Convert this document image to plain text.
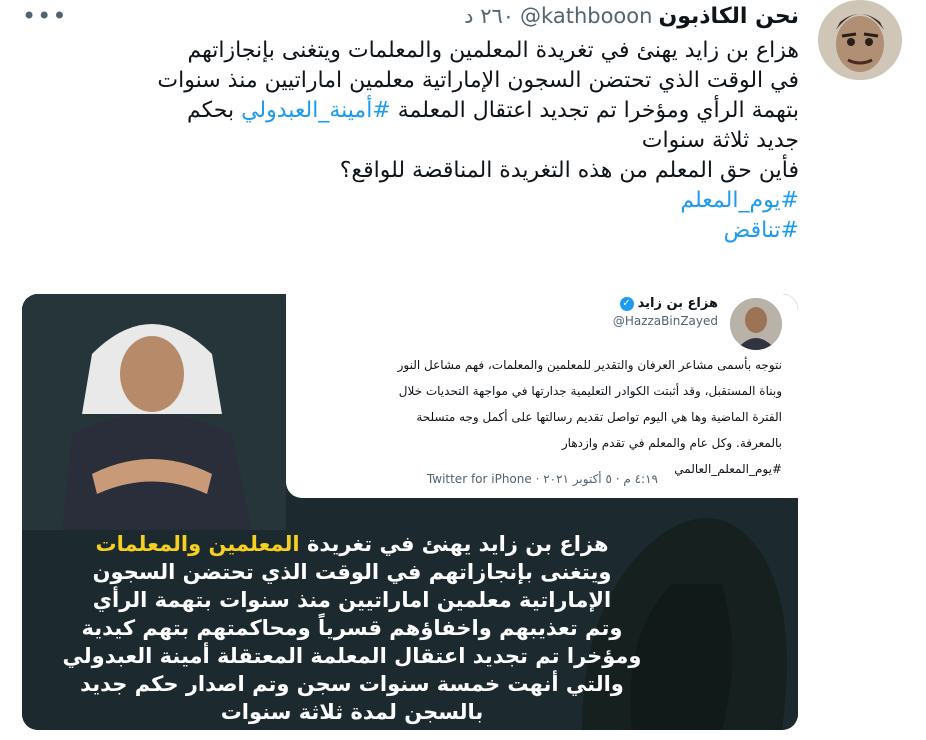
نحن الكاذبون
@kathbooon
٢٦٠ د
•••
هزاع بن زايد يهنئ في تغريدة المعلمين والمعلمات ويتغنى بإنجازاتهم
في الوقت الذي تحتضن السجون الإماراتية معلمين اماراتيين منذ سنوات
بتهمة الرأي ومؤخرا تم تجديد اعتقال المعلمة #أمينة_العبدولي بحكم
جديد ثلاثة سنوات
فأين حق المعلم من هذه التغريدة المناقضة للواقع؟
#يوم_المعلم
#تناقض
هزاع بن زايد
✓
@HazzaBinZayed
نتوجه بأسمى مشاعر العرفان والتقدير للمعلمين والمعلمات، فهم مشاعل النور
وبناة المستقبل، وقد أثبتت الكوادر التعليمية جدارتها في مواجهة التحديات خلال
الفترة الماضية وها هي اليوم تواصل تقديم رسالتها على أكمل وجه متسلحة
بالمعرفة. وكل عام والمعلم في تقدم وازدهار
#يوم_المعلم_العالمي
٤:١٩ م · ٥ أكتوبر ٢٠٢١ · Twitter for iPhone
هزاع بن زايد يهنئ في تغريدة المعلمين والمعلمات
ويتغنى بإنجازاتهم في الوقت الذي تحتضن السجون
الإماراتية معلمين اماراتيين منذ سنوات بتهمة الرأي
وتم تعذيبهم واخفاؤهم قسرياً ومحاكمتهم بتهم كيدية
ومؤخرا تم تجديد اعتقال المعلمة المعتقلة أمينة العبدولي
والتي أنهت خمسة سنوات سجن وتم اصدار حكم جديد
بالسجن لمدة ثلاثة سنوات
